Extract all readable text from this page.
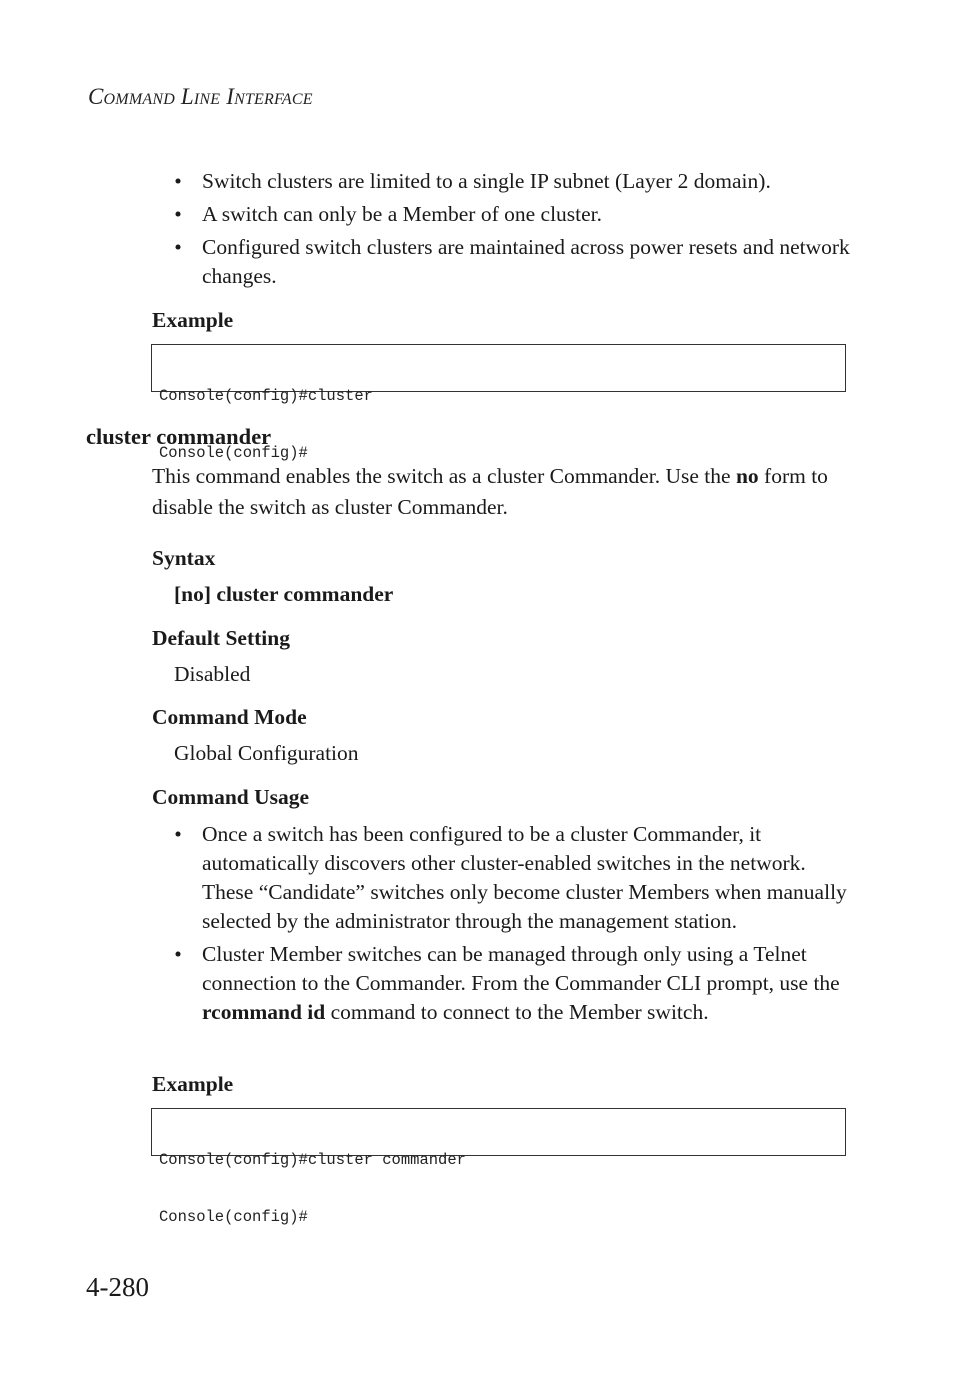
Command Line Interface
• Switch clusters are limited to a single IP subnet (Layer 2 domain).
• A switch can only be a Member of one cluster.
• Configured switch clusters are maintained across power resets and network changes.
Example

Console(config)#cluster

Console(config)#

cluster commander
This command enables the switch as a cluster Commander. Use the no form to disable the switch as cluster Commander.
Syntax
[no] cluster commander
Default Setting
Disabled
Command Mode
Global Configuration
Command Usage
• Once a switch has been configured to be a cluster Commander, it automatically discovers other cluster-enabled switches in the network. These “Candidate” switches only become cluster Members when manually selected by the administrator through the management station.
• Cluster Member switches can be managed through only using a Telnet connection to the Commander. From the Commander CLI prompt, use the rcommand id command to connect to the Member switch.
Example

Console(config)#cluster commander

Console(config)#

4-280
